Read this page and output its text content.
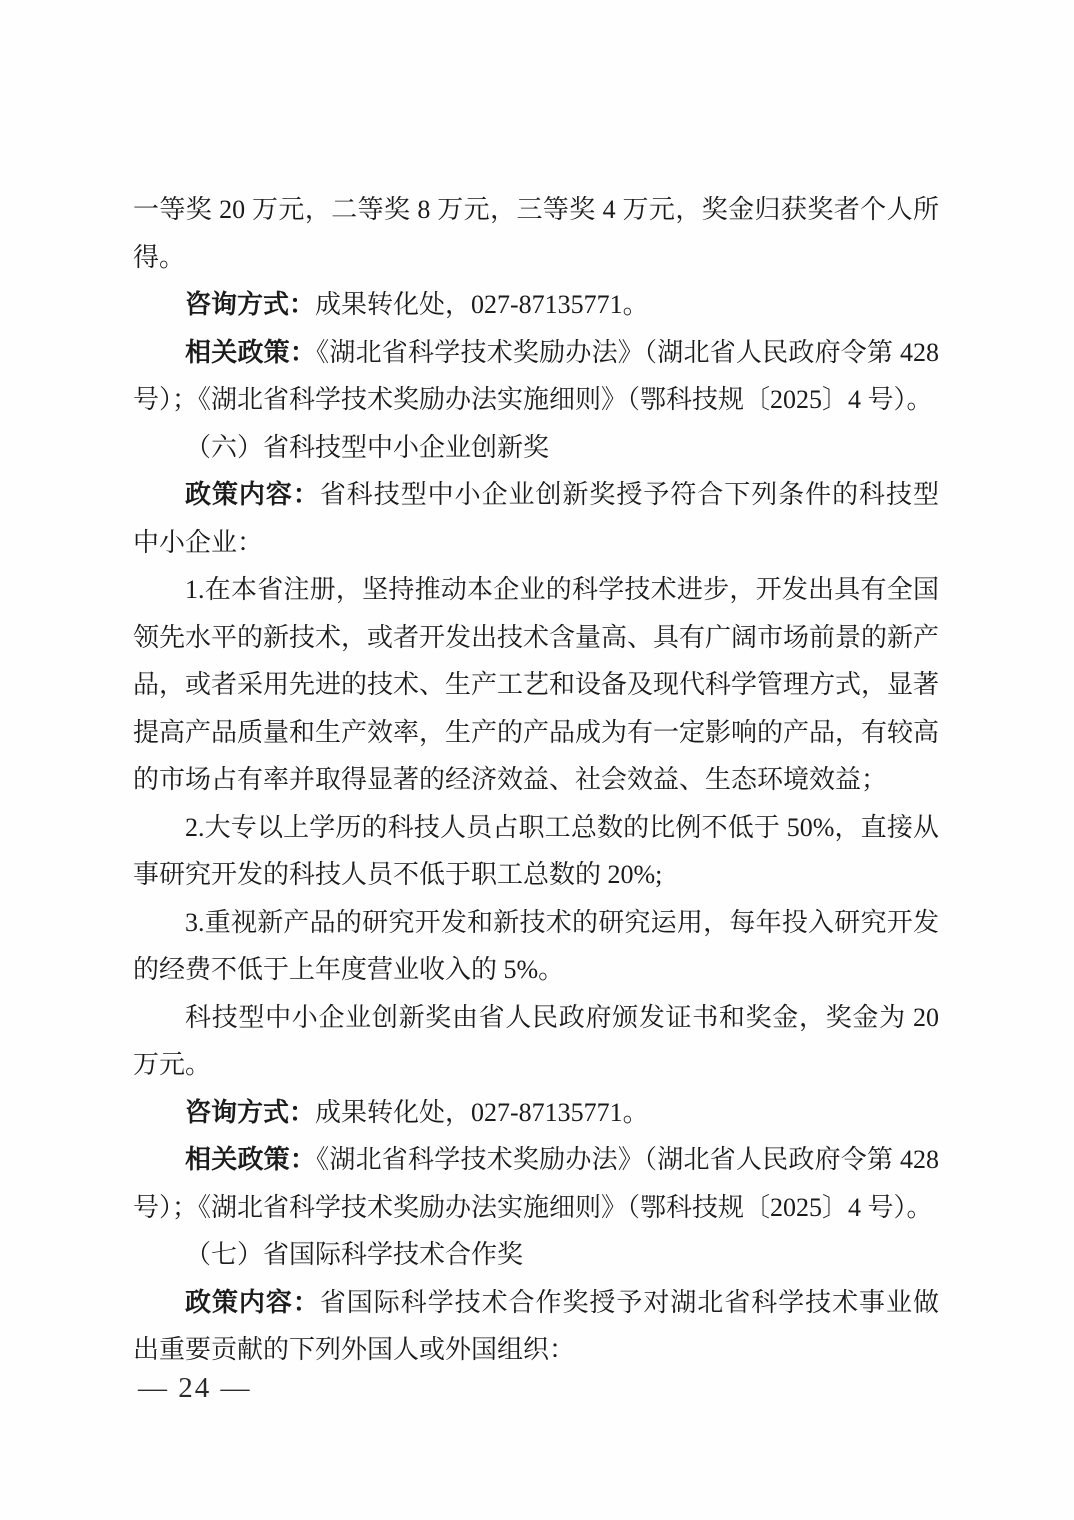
一等奖 20 万元，二等奖 8 万元，三等奖 4 万元，奖金归获奖者个人所得。

咨询方式：成果转化处，027-87135771。

相关政策：《湖北省科学技术奖励办法》（湖北省人民政府令第 428 号）；《湖北省科学技术奖励办法实施细则》（鄂科技规〔2025〕4 号）。

（六）省科技型中小企业创新奖

政策内容：省科技型中小企业创新奖授予符合下列条件的科技型中小企业：

1.在本省注册，坚持推动本企业的科学技术进步，开发出具有全国领先水平的新技术，或者开发出技术含量高、具有广阔市场前景的新产品，或者采用先进的技术、生产工艺和设备及现代科学管理方式，显著提高产品质量和生产效率，生产的产品成为有一定影响的产品，有较高的市场占有率并取得显著的经济效益、社会效益、生态环境效益；

2.大专以上学历的科技人员占职工总数的比例不低于 50%，直接从事研究开发的科技人员不低于职工总数的 20%;

3.重视新产品的研究开发和新技术的研究运用，每年投入研究开发的经费不低于上年度营业收入的 5%。

科技型中小企业创新奖由省人民政府颁发证书和奖金，奖金为 20 万元。

咨询方式：成果转化处，027-87135771。

相关政策：《湖北省科学技术奖励办法》（湖北省人民政府令第 428 号）；《湖北省科学技术奖励办法实施细则》（鄂科技规〔2025〕4 号）。

（七）省国际科学技术合作奖

政策内容：省国际科学技术合作奖授予对湖北省科学技术事业做出重要贡献的下列外国人或外国组织：

— 24 —
